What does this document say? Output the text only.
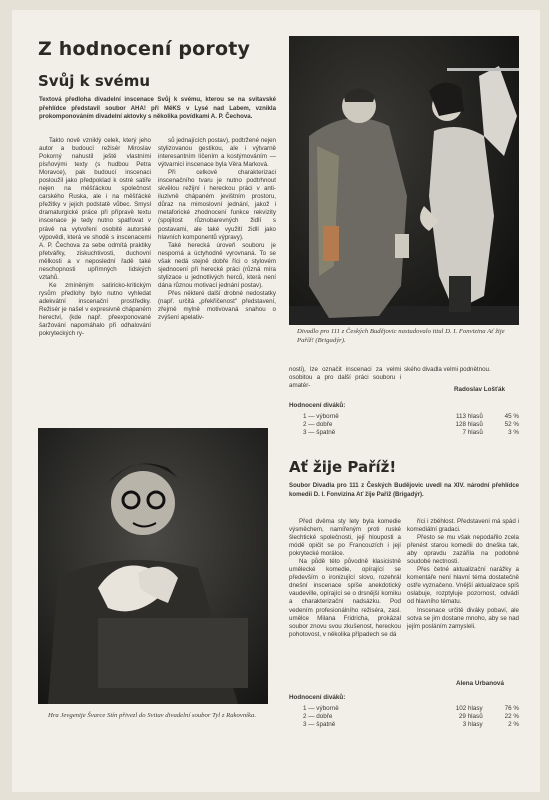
Z hodnocení poroty
Svůj k svému
Textová předloha divadelní inscenace Svůj k svému, kterou se na svitavské přehlídce představil soubor AHA! při MěKS v Lysé nad Labem, vznikla prokomponováním divadelní aktovky s několika povídkami A. P. Čechova.

Takto nově vzniklý celek, který jeho autor a budoucí režisér Miroslav Pokorný nahustil ještě vlastními písňovými texty (s hudbou Petra Moravce), pak budoucí inscenaci posloužil jako předpoklad k ostré satiře nejen na měšťáckou společnost carského Ruska, ale i na měšťácké přežitky v jejich podstatě vůbec. Smysl dramaturgické práce při přípravě textu inscenace je tedy nutno spatřovat v právě na vytvoření osobité autorské výpovědi, která ve shodě s inscenacemi A. P. Čechova za sebe odmítá praktiky přetvářky, ziskuchtivosti, duchovní mělkosti a v neposlední řadě také neschopnosti upřímných lidských vztahů.

Ke zmíněným satiricko-kritickým rysům předlohy bylo nutno vyhledat adekvátní inscenační prostředky. Režisér je našel v expresivně chápaném herectví, (kde např. přeexponované šaržování napomáhalo při odhalování pokryteckých ry-

sů jednajících postav), podtržené nejen stylizovanou gestikou, ale i výtvarně interesantním líčením a kostýmováním — výtvarnicí inscenace byla Věra Marková.

Při celkové charakterizaci inscenačního tvaru je nutno podtrhnout skvělou režijní i hereckou práci v anti-iluzivně chápaném jevištním prostoru, důraz na mimoslovní jednání, jakož i metaforické zhodnocení funkce rekvizity (spojitost různobarevných židlí s postavami, ale také využití židlí jako hlavních komponentů výpravy).

Také herecká úroveň souboru je nesporná a úctyhodně vyrovnaná. To se však nedá stejně dobře říci o stylovém sjednocení při herecké práci (různá míra stylizace u jednotlivých herců, která není dána různou motivací jednání postav).

Přes některé další drobné nedostatky (např. určitá „překřičenost" představení, zřejmě mylně motivovaná snahou o zvýšení apelativ-

Divadlo pro 111 z Českých Budějovic nastudovalo titul D. I. Fonvizina Ať žije Paříž! (Brigadýr).
nosti), lze označit inscenaci za velmi osobitou a pro další práci souboru i amatér-
ského divadla velmi podnětnou.
Radoslav Lošťák
Hodnocení diváků:
1 — výborně	113 hlasů	45 %
2 — dobře	128 hlasů	52 %
3 — špatně	7 hlasů	3 %
Hra Jevgenije Švarce Stín přivezl do Svitav divadelní soubor Tyl z Rakovníka.
Ať žije Paříž!
Soubor Divadla pro 111 z Českých Budějovic uvedl na XIV. národní přehlídce komedii D. I. Fonvizina Ať žije Paříž (Brigadýr).

Před dvěma sty lety byla komedie výsměchem, namířeným proti ruské šlechtické společnosti, její hlouposti a módě opičit se po Francouzích i její pokrytecké morálce.

Na půdě této původně klasicistně umělecké komedie, opírající se především o ironizující slovo, rozehrál dnešní inscenace spíše anekdotický vaudeville, opírající se o drsnější komiku a charakterizační nadsázku. Pod vedením profesionálního režiséra, zasl. umělce Milana Fridricha, prokázal soubor znovu svou zkušenost, hereckou pohotovost, v několika případech se dá

říci i zběhlost. Představení má spád i komediální gradaci.

Přesto se mu však nepodařilo zcela přenést starou komedii do dneška tak, aby opravdu zazářila na podobné soudobé nectnosti.

Přes četné aktualizační narážky a komentáře není hlavní téma dostatečně ostře vyznačeno. Vnější aktualizace spíš oslabuje, rozptyluje pozornost, odvádí od hlavního tématu.

Inscenace určitě diváky pobaví, ale sotva se jim dostane mnoho, aby se nad jejím posláním zamysleli.

Alena Urbanová
Hodnocení diváků:
1 — výborně	102 hlasy	76 %
2 — dobře	29 hlasů	22 %
3 — špatně	3 hlasy	2 %
